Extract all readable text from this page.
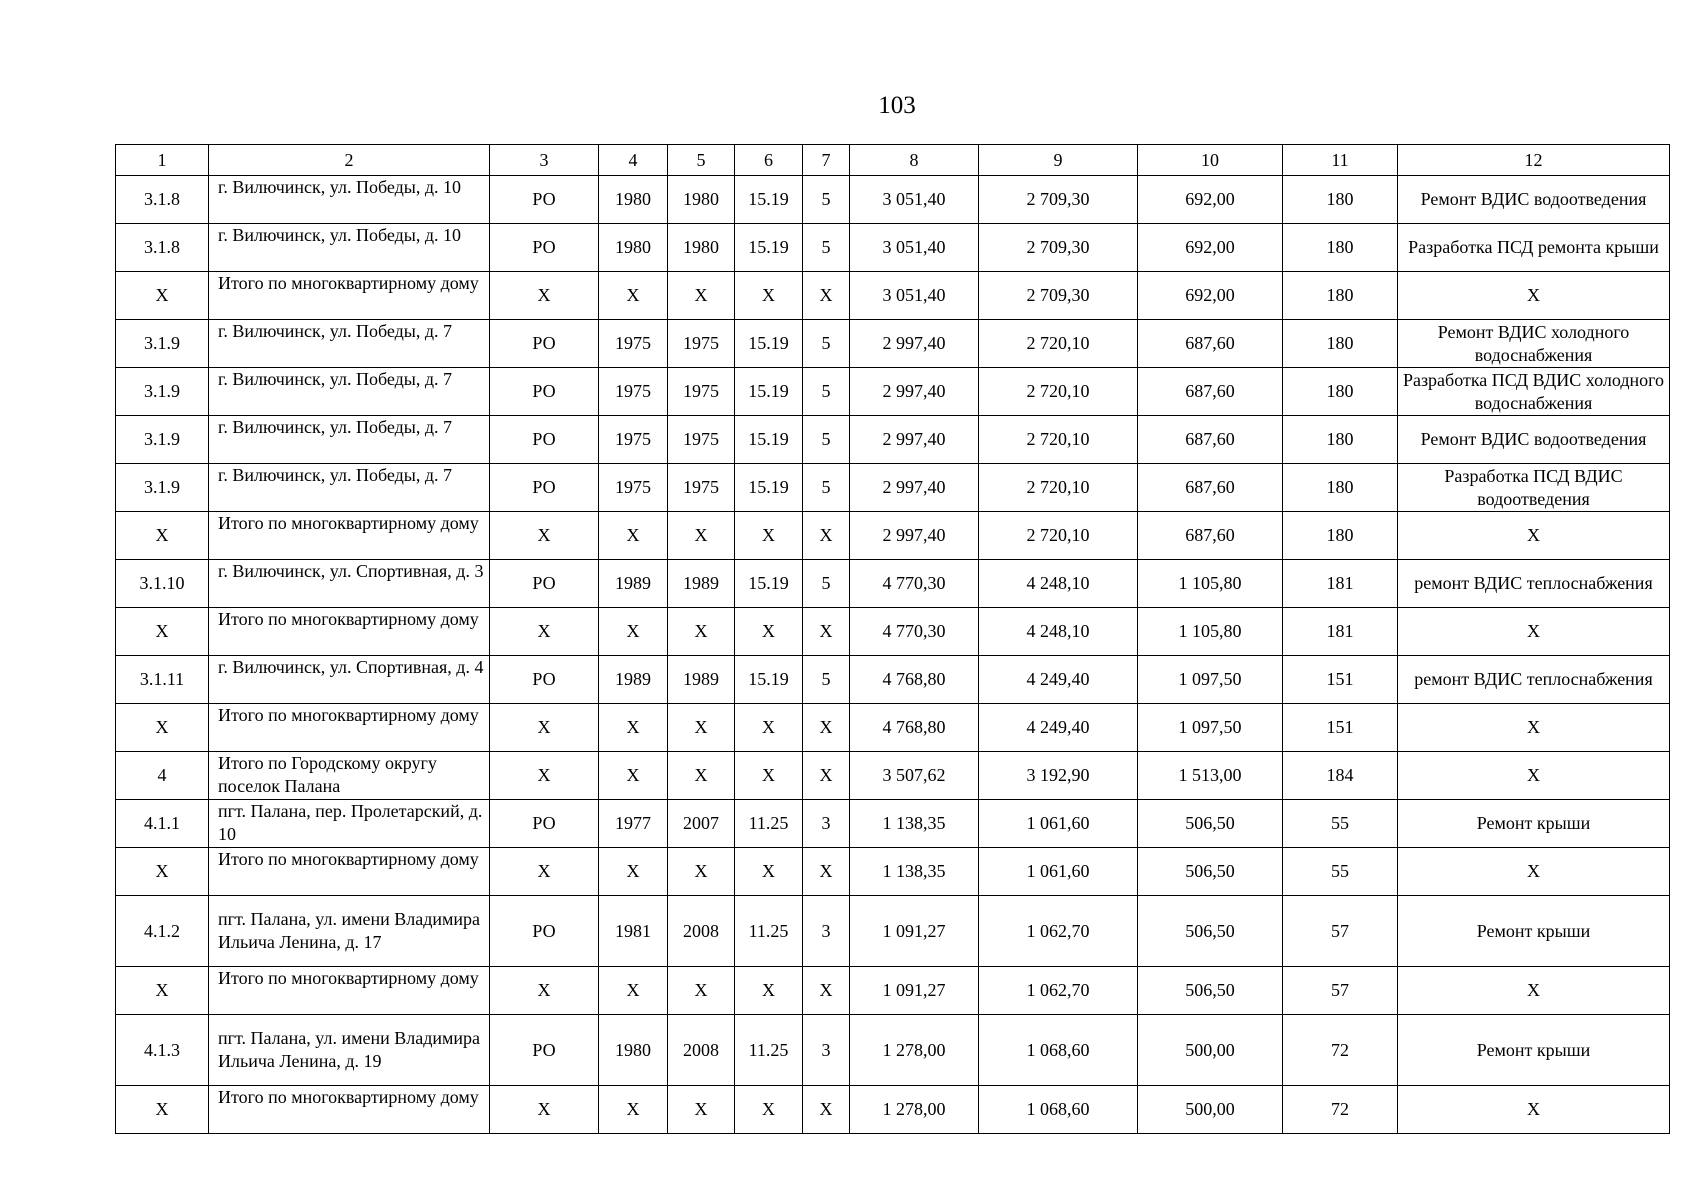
103
1	2	3	4	5	6	7	8	9	10	11	12
3.1.8	г. Вилючинск, ул. Победы, д. 10	РО	1980	1980	15.19	5	3 051,40	2 709,30	692,00	180	Ремонт ВДИС водоотведения
3.1.8	г. Вилючинск, ул. Победы, д. 10	РО	1980	1980	15.19	5	3 051,40	2 709,30	692,00	180	Разработка ПСД ремонта крыши
Х	Итого по многоквартирному дому	Х	Х	Х	Х	Х	3 051,40	2 709,30	692,00	180	Х
3.1.9	г. Вилючинск, ул. Победы, д. 7	РО	1975	1975	15.19	5	2 997,40	2 720,10	687,60	180	Ремонт ВДИС холодного водоснабжения
3.1.9	г. Вилючинск, ул. Победы, д. 7	РО	1975	1975	15.19	5	2 997,40	2 720,10	687,60	180	Разработка ПСД ВДИС холодного водоснабжения
3.1.9	г. Вилючинск, ул. Победы, д. 7	РО	1975	1975	15.19	5	2 997,40	2 720,10	687,60	180	Ремонт ВДИС водоотведения
3.1.9	г. Вилючинск, ул. Победы, д. 7	РО	1975	1975	15.19	5	2 997,40	2 720,10	687,60	180	Разработка ПСД ВДИС водоотведения
Х	Итого по многоквартирному дому	Х	Х	Х	Х	Х	2 997,40	2 720,10	687,60	180	Х
3.1.10	г. Вилючинск, ул. Спортивная, д. 3	РО	1989	1989	15.19	5	4 770,30	4 248,10	1 105,80	181	ремонт ВДИС теплоснабжения
Х	Итого по многоквартирному дому	Х	Х	Х	Х	Х	4 770,30	4 248,10	1 105,80	181	Х
3.1.11	г. Вилючинск, ул. Спортивная, д. 4	РО	1989	1989	15.19	5	4 768,80	4 249,40	1 097,50	151	ремонт ВДИС теплоснабжения
Х	Итого по многоквартирному дому	Х	Х	Х	Х	Х	4 768,80	4 249,40	1 097,50	151	Х
4	Итого по Городскому округу поселок Палана	Х	Х	Х	Х	Х	3 507,62	3 192,90	1 513,00	184	Х
4.1.1	пгт. Палана, пер. Пролетарский, д. 10	РО	1977	2007	11.25	3	1 138,35	1 061,60	506,50	55	Ремонт крыши
Х	Итого по многоквартирному дому	Х	Х	Х	Х	Х	1 138,35	1 061,60	506,50	55	Х
4.1.2	пгт. Палана, ул. имени Владимира Ильича Ленина, д. 17	РО	1981	2008	11.25	3	1 091,27	1 062,70	506,50	57	Ремонт крыши
Х	Итого по многоквартирному дому	Х	Х	Х	Х	Х	1 091,27	1 062,70	506,50	57	Х
4.1.3	пгт. Палана, ул. имени Владимира Ильича Ленина, д. 19	РО	1980	2008	11.25	3	1 278,00	1 068,60	500,00	72	Ремонт крыши
Х	Итого по многоквартирному дому	Х	Х	Х	Х	Х	1 278,00	1 068,60	500,00	72	Х
